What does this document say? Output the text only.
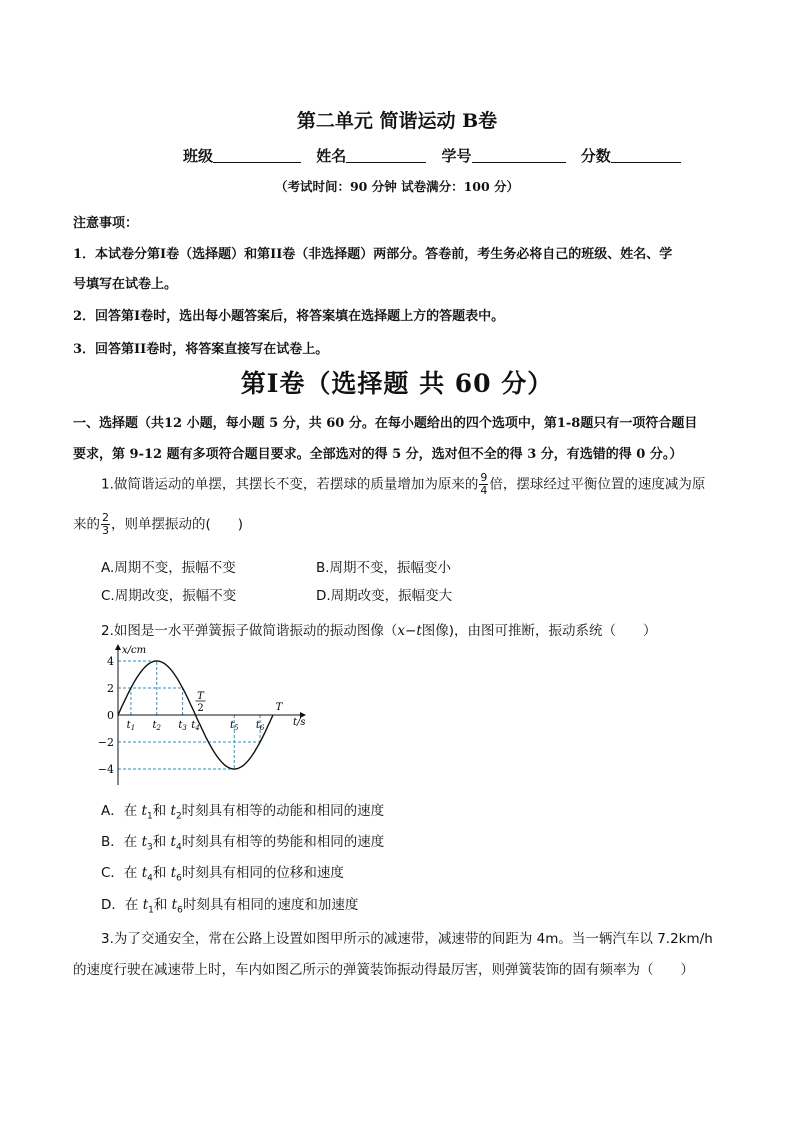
第二单元 简谐运动 B卷
班级	姓名	学号	分数
（考试时间：90 分钟 试卷满分：100 分）
注意事项：
1．本试卷分第I卷（选择题）和第II卷（非选择题）两部分。答卷前，考生务必将自己的班级、姓名、学
号填写在试卷上。
2．回答第I卷时，选出每小题答案后，将答案填在选择题上方的答题表中。
3．回答第II卷时，将答案直接写在试卷上。
第I卷（选择题 共 60 分）
一、选择题（共12 小题，每小题 5 分，共 60 分。在每小题给出的四个选项中，第1-8题只有一项符合题目
要求，第 9-12 题有多项符合题目要求。全部选对的得 5 分，选对但不全的得 3 分，有选错的得 0 分。）
1.做简谐运动的单摆，其摆长不变，若摆球的质量增加为原来的 $\frac{9}{4}$ 倍，摆球经过平衡位置的速度减为原
来的 $\frac{2}{3}$ ，则单摆振动的(　　)
A.周期不变，振幅不变	B.周期不变，振幅变小
C.周期改变，振幅不变	D.周期改变，振幅变大
2.如图是一水平弹簧振子做简谐振动的振动图像（x−t图像)，由图可推断，振动系统（　　）
4
2
0
−2
−4
$t_1$ $t_2$ $t_3$ $t_4$	$t_5$ $t_6$
x/cm
t/s
T
2	T
A．在 $t_1$和 $t_2$时刻具有相等的动能和相同的速度
B．在 $t_3$和 $t_4$时刻具有相等的势能和相同的速度
C．在 $t_4$和 $t_6$时刻具有相同的位移和速度
D．在 $t_1$和 $t_6$时刻具有相同的速度和加速度
3.为了交通安全，常在公路上设置如图甲所示的减速带，减速带的间距为 4m。当一辆汽车以 7.2km/h
的速度行驶在减速带上时，车内如图乙所示的弹簧装饰振动得最厉害，则弹簧装饰的固有频率为（　　）
